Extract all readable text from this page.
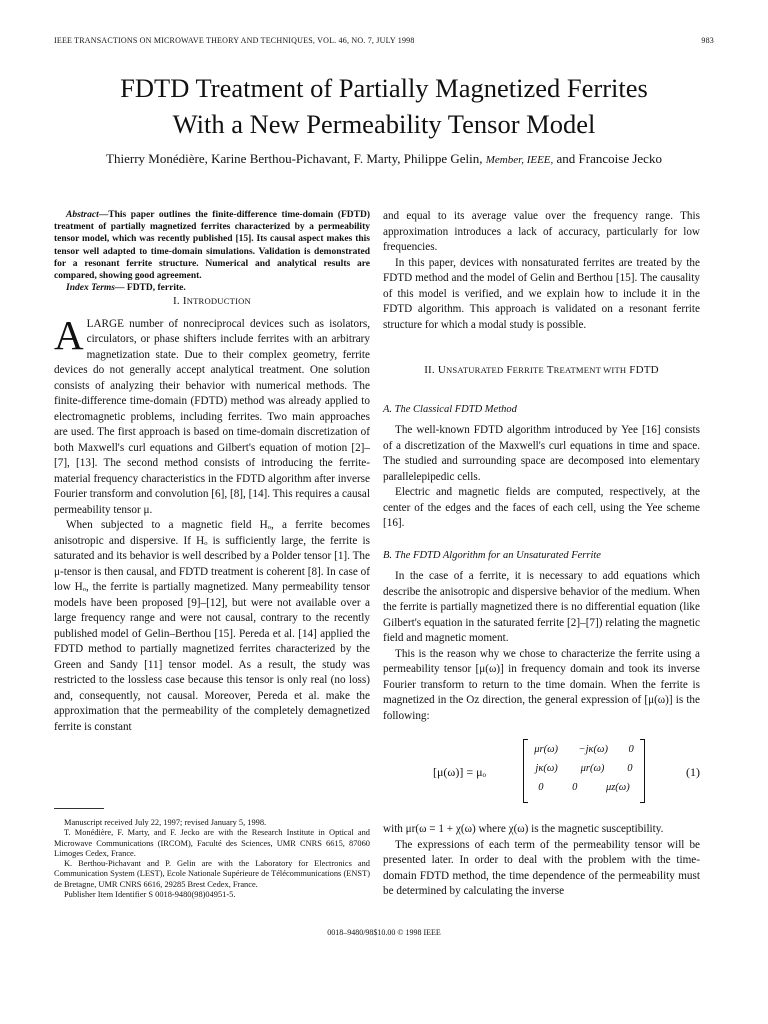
IEEE TRANSACTIONS ON MICROWAVE THEORY AND TECHNIQUES, VOL. 46, NO. 7, JULY 1998	983
FDTD Treatment of Partially Magnetized Ferrites
With a New Permeability Tensor Model
Thierry Monédière, Karine Berthou-Pichavant, F. Marty, Philippe Gelin, Member, IEEE, and Francoise Jecko

Abstract—This paper outlines the finite-difference time-domain (FDTD) treatment of partially magnetized ferrites characterized by a permeability tensor model, which was recently published [15]. Its causal aspect makes this tensor well adapted to time-domain simulations. Validation is demonstrated for a resonant ferrite structure. Numerical and analytical results are compared, showing good agreement.

Index Terms— FDTD, ferrite.

I. INTRODUCTION

ALARGE number of nonreciprocal devices such as isolators, circulators, or phase shifters include ferrites with an arbitrary magnetization state. Due to their complex geometry, ferrite devices do not generally accept analytical treatment. One solution consists of analyzing their behavior with numerical methods. The finite-difference time-domain (FDTD) method was already applied to electromagnetic problems, including ferrites. Two main approaches are used. The first approach is based on time-domain discretization of both Maxwell's curl equations and Gilbert's equation of motion [2]–[7], [13]. The second method consists of introducing the ferrite-material frequency characteristics in the FDTD algorithm after inverse Fourier transform and convolution [6], [8], [14]. This requires a causal permeability tensor μ.

When subjected to a magnetic field Hₒ, a ferrite becomes anisotropic and dispersive. If Hₒ is sufficiently large, the ferrite is saturated and its behavior is well described by a Polder tensor [1]. The μ-tensor is then causal, and FDTD treatment is coherent [8]. In case of low Hₒ, the ferrite is partially magnetized. Many permeability tensor models have been proposed [9]–[12], but were not available over a large frequency range and were not causal, contrary to the recently published model of Gelin–Berthou [15]. Pereda et al. [14] applied the FDTD method to partially magnetized ferrites characterized by the Green and Sandy [11] tensor model. As a result, the study was restricted to the lossless case because this tensor is only real (no loss) and, consequently, not causal. Moreover, Pereda et al. make the approximation that the permeability of the completely demagnetized ferrite is constant

Manuscript received July 22, 1997; revised January 5, 1998.

T. Monédière, F. Marty, and F. Jecko are with the Research Institute in Optical and Microwave Communications (IRCOM), Faculté des Sciences, UMR CNRS 6615, 87060 Limoges Cedex, France.

K. Berthou-Pichavant and P. Gelin are with the Laboratory for Electronics and Communication System (LEST), Ecole Nationale Supérieure de Télécommunications (ENST) de Bretagne, UMR CNRS 6616, 29285 Brest Cedex, France.

Publisher Item Identifier S 0018-9480(98)04951-5.

and equal to its average value over the frequency range. This approximation introduces a lack of accuracy, particularly for low frequencies.

In this paper, devices with nonsaturated ferrites are treated by the FDTD method and the model of Gelin and Berthou [15]. The causality of this model is verified, and we explain how to include it in the FDTD algorithm. This approach is validated on a resonant ferrite structure for which a modal study is possible.

II. UNSATURATED FERRITE TREATMENT WITH FDTD
A. The Classical FDTD Method

The well-known FDTD algorithm introduced by Yee [16] consists of a discretization of the Maxwell's curl equations in time and space. The studied and surrounding space are decomposed into elementary parallelepipedic cells.

Electric and magnetic fields are computed, respectively, at the center of the edges and the faces of each cell, using the Yee scheme [16].

B. The FDTD Algorithm for an Unsaturated Ferrite

In the case of a ferrite, it is necessary to add equations which describe the anisotropic and dispersive behavior of the medium. When the ferrite is partially magnetized there is no differential equation (like Gilbert's equation in the saturated ferrite [2]–[7]) relating the magnetic field and magnetic moment.

This is the reason why we chose to characterize the ferrite using a permeability tensor [μ(ω)] in frequency domain and took its inverse Fourier transform to return to the time domain. When the ferrite is magnetized in the Oz direction, the general expression of [μ(ω)] is the following:

[μ(ω)] = μₒ
μr(ω) −jκ(ω) 0
jκ(ω) μr(ω) 0
0	0	μz(ω)
(1)

with μr(ω = 1 + χ(ω) where χ(ω) is the magnetic susceptibility.

The expressions of each term of the permeability tensor will be presented later. In order to deal with the problem with the time-domain FDTD method, the time dependence of the permeability must be determined by calculating the inverse

0018–9480/98$10.00 © 1998 IEEE
